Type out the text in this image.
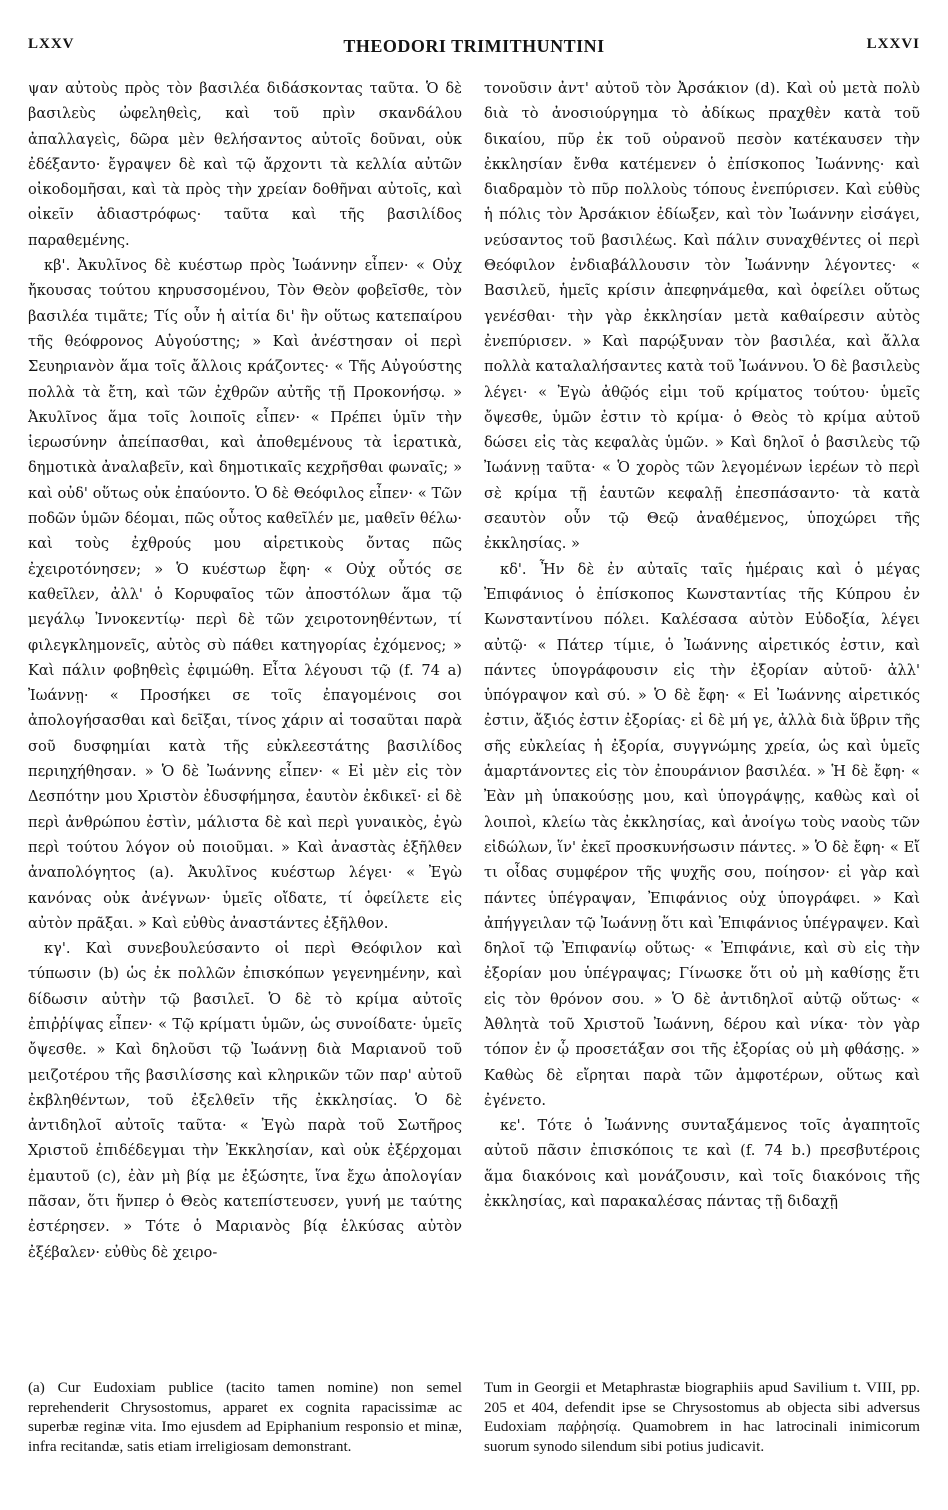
LXXV	THEODORI TRIMITHUNTINI	LXXVI

ψαν αὐτοὺς πρὸς τὸν βασιλέα διδάσκοντας ταῦτα. Ὁ δὲ βασιλεὺς ὠφεληθεὶς, καὶ τοῦ πρὶν σκανδάλου ἀπαλλαγεὶς, δῶρα μὲν θελήσαντος αὐτοῖς δοῦναι, οὐκ ἐδέξαντο· ἔγραψεν δὲ καὶ τῷ ἄρχοντι τὰ κελλία αὐτῶν οἰκοδομῆσαι, καὶ τὰ πρὸς τὴν χρείαν δοθῆναι αὐτοῖς, καὶ οἰκεῖν ἀδιαστρόφως· ταῦτα καὶ τῆς βασιλίδος παραθεμένης.

κβ'. Ἀκυλῖνος δὲ κυέστωρ πρὸς Ἰωάννην εἶπεν· « Οὐχ ἤκουσας τούτου κηρυσσομένου, Τὸν Θεὸν φοβεῖσθε, τὸν βασιλέα τιμᾶτε; Τίς οὖν ἡ αἰτία δι' ἣν οὕτως κατεπαίρου τῆς θεόφρονος Αὐγούστης; » Καὶ ἀνέστησαν οἱ περὶ Σευηριανὸν ἅμα τοῖς ἄλλοις κράζοντες· « Τῆς Αὐγούστης πολλὰ τὰ ἔτη, καὶ τῶν ἐχθρῶν αὐτῆς τῇ Προκονήσῳ. » Ἀκυλῖνος ἅμα τοῖς λοιποῖς εἶπεν· « Πρέπει ὑμῖν τὴν ἱερωσύνην ἀπείπασθαι, καὶ ἀποθεμένους τὰ ἱερατικὰ, δημοτικὰ ἀναλαβεῖν, καὶ δημοτικαῖς κεχρῆσθαι φωναῖς; » καὶ οὐδ' οὕτως οὐκ ἐπαύοντο. Ὁ δὲ Θεόφιλος εἶπεν· « Τῶν ποδῶν ὑμῶν δέομαι, πῶς οὗτος καθεῖλέν με, μαθεῖν θέλω· καὶ τοὺς ἐχθρούς μου αἱρετικοὺς ὄντας πῶς ἐχειροτόνησεν; » Ὁ κυέστωρ ἔφη· « Οὐχ οὗτός σε καθεῖλεν, ἀλλ' ὁ Κορυφαῖος τῶν ἀποστόλων ἅμα τῷ μεγάλῳ Ἰννοκεντίῳ· περὶ δὲ τῶν χειροτονηθέντων, τί φιλεγκλημονεῖς, αὐτὸς σὺ πάθει κατηγορίας ἐχόμενος; » Καὶ πάλιν φοβηθεὶς ἐφιμώθη. Εἶτα λέγουσι τῷ (f. 74 a) Ἰωάννῃ· « Προσήκει σε τοῖς ἐπαγομένοις σοι ἀπολογήσασθαι καὶ δεῖξαι, τίνος χάριν αἱ τοσαῦται παρὰ σοῦ δυσφημίαι κατὰ τῆς εὐκλεεστάτης βασιλίδος περιηχήθησαν. » Ὁ δὲ Ἰωάννης εἶπεν· « Εἰ μὲν εἰς τὸν Δεσπότην μου Χριστὸν ἐδυσφήμησα, ἑαυτὸν ἐκδικεῖ· εἰ δὲ περὶ ἀνθρώπου ἐστὶν, μάλιστα δὲ καὶ περὶ γυναικὸς, ἐγὼ περὶ τούτου λόγον οὐ ποιοῦμαι. » Καὶ ἀναστὰς ἐξῆλθεν ἀναπολόγητος (a). Ἀκυλῖνος κυέστωρ λέγει· « Ἐγὼ κανόνας οὐκ ἀνέγνων· ὑμεῖς οἴδατε, τί ὀφείλετε εἰς αὐτὸν πρᾶξαι. » Καὶ εὐθὺς ἀναστάντες ἐξῆλθον.

κγ'. Καὶ συνεβουλεύσαντο οἱ περὶ Θεόφιλον καὶ τύπωσιν (b) ὡς ἐκ πολλῶν ἐπισκόπων γεγενημένην, καὶ δίδωσιν αὐτὴν τῷ βασιλεῖ. Ὁ δὲ τὸ κρίμα αὐτοῖς ἐπιῤῥίψας εἶπεν· « Τῷ κρίματι ὑμῶν, ὡς συνοίδατε· ὑμεῖς ὄψεσθε. » Καὶ δηλοῦσι τῷ Ἰωάννῃ διὰ Μαριανοῦ τοῦ μειζοτέρου τῆς βασιλίσσης καὶ κληρικῶν τῶν παρ' αὐτοῦ ἐκβληθέντων, τοῦ ἐξελθεῖν τῆς ἐκκλησίας. Ὁ δὲ ἀντιδηλοῖ αὐτοῖς ταῦτα· « Ἐγὼ παρὰ τοῦ Σωτῆρος Χριστοῦ ἐπιδέδεγμαι τὴν Ἐκκλησίαν, καὶ οὐκ ἐξέρχομαι ἐμαυτοῦ (c), ἐὰν μὴ βίᾳ με ἐξώσητε, ἵνα ἔχω ἀπολογίαν πᾶσαν, ὅτι ἥνπερ ὁ Θεὸς κατεπίστευσεν, γυνή με ταύτης ἐστέρησεν. » Τότε ὁ Μαριανὸς βίᾳ ἑλκύσας αὐτὸν ἐξέβαλεν· εὐθὺς δὲ χειρο-

τονοῦσιν ἀντ' αὐτοῦ τὸν Ἀρσάκιον (d). Καὶ οὐ μετὰ πολὺ διὰ τὸ ἀνοσιούργημα τὸ ἀδίκως πραχθὲν κατὰ τοῦ δικαίου, πῦρ ἐκ τοῦ οὐρανοῦ πεσὸν κατέκαυσεν τὴν ἐκκλησίαν ἔνθα κατέμενεν ὁ ἐπίσκοπος Ἰωάννης· καὶ διαδραμὸν τὸ πῦρ πολλοὺς τόπους ἐνεπύρισεν. Καὶ εὐθὺς ἡ πόλις τὸν Ἀρσάκιον ἐδίωξεν, καὶ τὸν Ἰωάννην εἰσάγει, νεύσαντος τοῦ βασιλέως. Καὶ πάλιν συναχθέντες οἱ περὶ Θεόφιλον ἐνδιαβάλλουσιν τὸν Ἰωάννην λέγοντες· « Βασιλεῦ, ἡμεῖς κρίσιν ἀπεφηνάμεθα, καὶ ὀφείλει οὕτως γενέσθαι· τὴν γὰρ ἐκκλησίαν μετὰ καθαίρεσιν αὐτὸς ἐνεπύρισεν. » Καὶ παρῴξυναν τὸν βασιλέα, καὶ ἄλλα πολλὰ καταλαλήσαντες κατὰ τοῦ Ἰωάννου. Ὁ δὲ βασιλεὺς λέγει· « Ἐγὼ ἀθῷός εἰμι τοῦ κρίματος τούτου· ὑμεῖς ὄψεσθε, ὑμῶν ἐστιν τὸ κρίμα· ὁ Θεὸς τὸ κρίμα αὐτοῦ δώσει εἰς τὰς κεφαλὰς ὑμῶν. » Καὶ δηλοῖ ὁ βασιλεὺς τῷ Ἰωάννῃ ταῦτα· « Ὁ χορὸς τῶν λεγομένων ἱερέων τὸ περὶ σὲ κρίμα τῇ ἑαυτῶν κεφαλῇ ἐπεσπάσαντο· τὰ κατὰ σεαυτὸν οὖν τῷ Θεῷ ἀναθέμενος, ὑποχώρει τῆς ἐκκλησίας. »

κδ'. Ἦν δὲ ἐν αὐταῖς ταῖς ἡμέραις καὶ ὁ μέγας Ἐπιφάνιος ὁ ἐπίσκοπος Κωνσταντίας τῆς Κύπρου ἐν Κωνσταντίνου πόλει. Καλέσασα αὐτὸν Εὐδοξία, λέγει αὐτῷ· « Πάτερ τίμιε, ὁ Ἰωάννης αἱρετικός ἐστιν, καὶ πάντες ὑπογράφουσιν εἰς τὴν ἐξορίαν αὐτοῦ· ἀλλ' ὑπόγραψον καὶ σύ. » Ὁ δὲ ἔφη· « Εἰ Ἰωάννης αἱρετικός ἐστιν, ἄξιός ἐστιν ἐξορίας· εἰ δὲ μή γε, ἀλλὰ διὰ ὕβριν τῆς σῆς εὐκλείας ἡ ἐξορία, συγγνώμης χρεία, ὡς καὶ ὑμεῖς ἁμαρτάνοντες εἰς τὸν ἐπουράνιον βασιλέα. » Ἡ δὲ ἔφη· « Ἐὰν μὴ ὑπακούσῃς μου, καὶ ὑπογράψῃς, καθὼς καὶ οἱ λοιποὶ, κλείω τὰς ἐκκλησίας, καὶ ἀνοίγω τοὺς ναοὺς τῶν εἰδώλων, ἵν' ἐκεῖ προσκυνήσωσιν πάντες. » Ὁ δὲ ἔφη· « Εἴ τι οἶδας συμφέρον τῆς ψυχῆς σου, ποίησον· εἰ γὰρ καὶ πάντες ὑπέγραψαν, Ἐπιφάνιος οὐχ ὑπογράφει. » Καὶ ἀπήγγειλαν τῷ Ἰωάννῃ ὅτι καὶ Ἐπιφάνιος ὑπέγραψεν. Καὶ δηλοῖ τῷ Ἐπιφανίῳ οὕτως· « Ἐπιφάνιε, καὶ σὺ εἰς τὴν ἐξορίαν μου ὑπέγραψας; Γίνωσκε ὅτι οὐ μὴ καθίσῃς ἔτι εἰς τὸν θρόνον σου. » Ὁ δὲ ἀντιδηλοῖ αὐτῷ οὕτως· « Ἀθλητὰ τοῦ Χριστοῦ Ἰωάννη, δέρου καὶ νίκα· τὸν γὰρ τόπον ἐν ᾧ προσετάξαν σοι τῆς ἐξορίας οὐ μὴ φθάσῃς. » Καθὼς δὲ εἴρηται παρὰ τῶν ἀμφοτέρων, οὕτως καὶ ἐγένετο.

κε'. Τότε ὁ Ἰωάννης συνταξάμενος τοῖς ἀγαπητοῖς αὐτοῦ πᾶσιν ἐπισκόποις τε καὶ (f. 74 b.) πρεσβυτέροις ἅμα διακόνοις καὶ μονάζουσιν, καὶ τοῖς διακόνοις τῆς ἐκκλησίας, καὶ παρακαλέσας πάντας τῇ διδαχῇ

(a) Cur Eudoxiam publice (tacito tamen nomine) non semel reprehenderit Chrysostomus, apparet ex cognita rapacissimæ ac superbæ reginæ vita. Imo ejusdem ad Epiphanium responsio et minæ, infra recitandæ, satis etiam irreligiosam demonstrant.

Tum in Georgii et Metaphrastæ biographiis apud Savilium t. VIII, pp. 205 et 404, defendit ipse se Chrysostomus ab objecta sibi adversus Eudoxiam παῤῥησίᾳ. Quamobrem in hac latrocinali inimicorum suorum synodo silendum sibi potius judicavit.
